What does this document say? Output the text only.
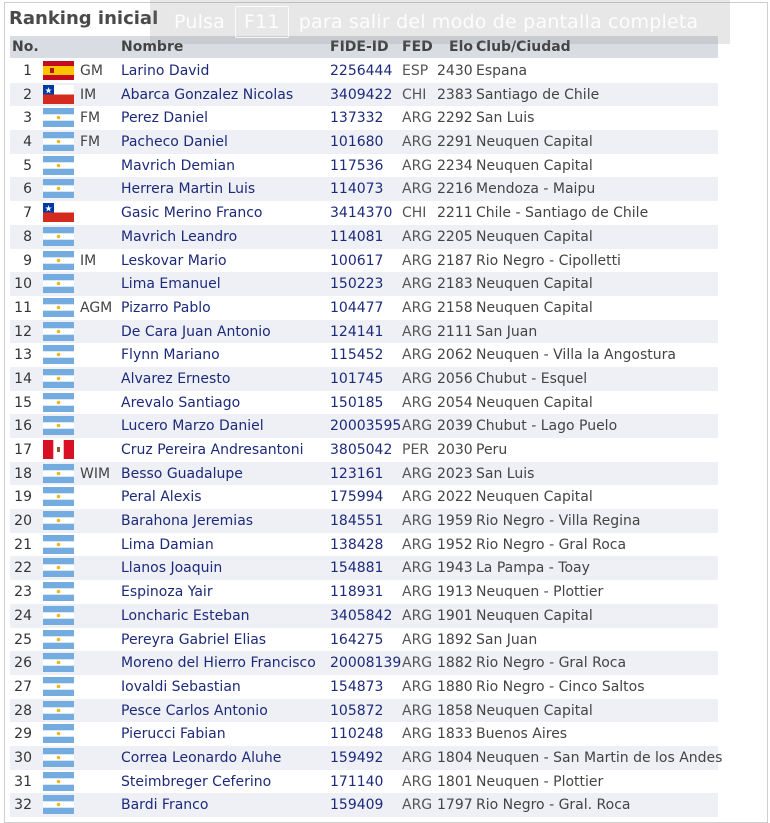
Ranking inicial
No.	Nombre	FIDE-ID FED Elo Club/Ciudad
1	GM Larino David	2256444 ESP 2430 Espana
2	IM Abarca Gonzalez Nicolas	3409422 CHI 2383 Santiago de Chile
3	FM Perez Daniel	137332 ARG 2292 San Luis
4	FM Pacheco Daniel	101680 ARG 2291 Neuquen Capital
5	Mavrich Demian	117536 ARG 2234 Neuquen Capital
6	Herrera Martin Luis	114073 ARG 2216 Mendoza - Maipu
7	Gasic Merino Franco	3414370 CHI 2211 Chile - Santiago de Chile
8	Mavrich Leandro	114081 ARG 2205 Neuquen Capital
9	IM Leskovar Mario	100617 ARG 2187 Rio Negro - Cipolletti
10	Lima Emanuel	150223 ARG 2183 Neuquen Capital
11	AGM Pizarro Pablo	104477 ARG 2158 Neuquen Capital
12	De Cara Juan Antonio	124141 ARG 2111 San Juan
13	Flynn Mariano	115452 ARG 2062 Neuquen - Villa la Angostura
14	Alvarez Ernesto	101745 ARG 2056 Chubut - Esquel
15	Arevalo Santiago	150185 ARG 2054 Neuquen Capital
16	Lucero Marzo Daniel	20003595 ARG 2039 Chubut - Lago Puelo
17	Cruz Pereira Andresantoni 3805042 PER 2030 Peru
18	WIM Besso Guadalupe	123161 ARG 2023 San Luis
19	Peral Alexis	175994 ARG 2022 Neuquen Capital
20	Barahona Jeremias	184551 ARG 1959 Rio Negro - Villa Regina
21	Lima Damian	138428 ARG 1952 Rio Negro - Gral Roca
22	Llanos Joaquin	154881 ARG 1943 La Pampa - Toay
23	Espinoza Yair	118931 ARG 1913 Neuquen - Plottier
24	Loncharic Esteban	3405842 ARG 1901 Neuquen Capital
25	Pereyra Gabriel Elias	164275 ARG 1892 San Juan
26	Moreno del Hierro Francisco 20008139 ARG 1882 Rio Negro - Gral Roca
27	Iovaldi Sebastian	154873 ARG 1880 Rio Negro - Cinco Saltos
28	Pesce Carlos Antonio	105872 ARG 1858 Neuquen Capital
29	Pierucci Fabian	110248 ARG 1833 Buenos Aires
30	Correa Leonardo Aluhe	159492 ARG 1804 Neuquen - San Martin de los Andes
31	Steimbreger Ceferino	171140 ARG 1801 Neuquen - Plottier
32	Bardi Franco	159409 ARG 1797 Rio Negro - Gral. Roca
Pulsa	F11	para salir del modo de pantalla completa
